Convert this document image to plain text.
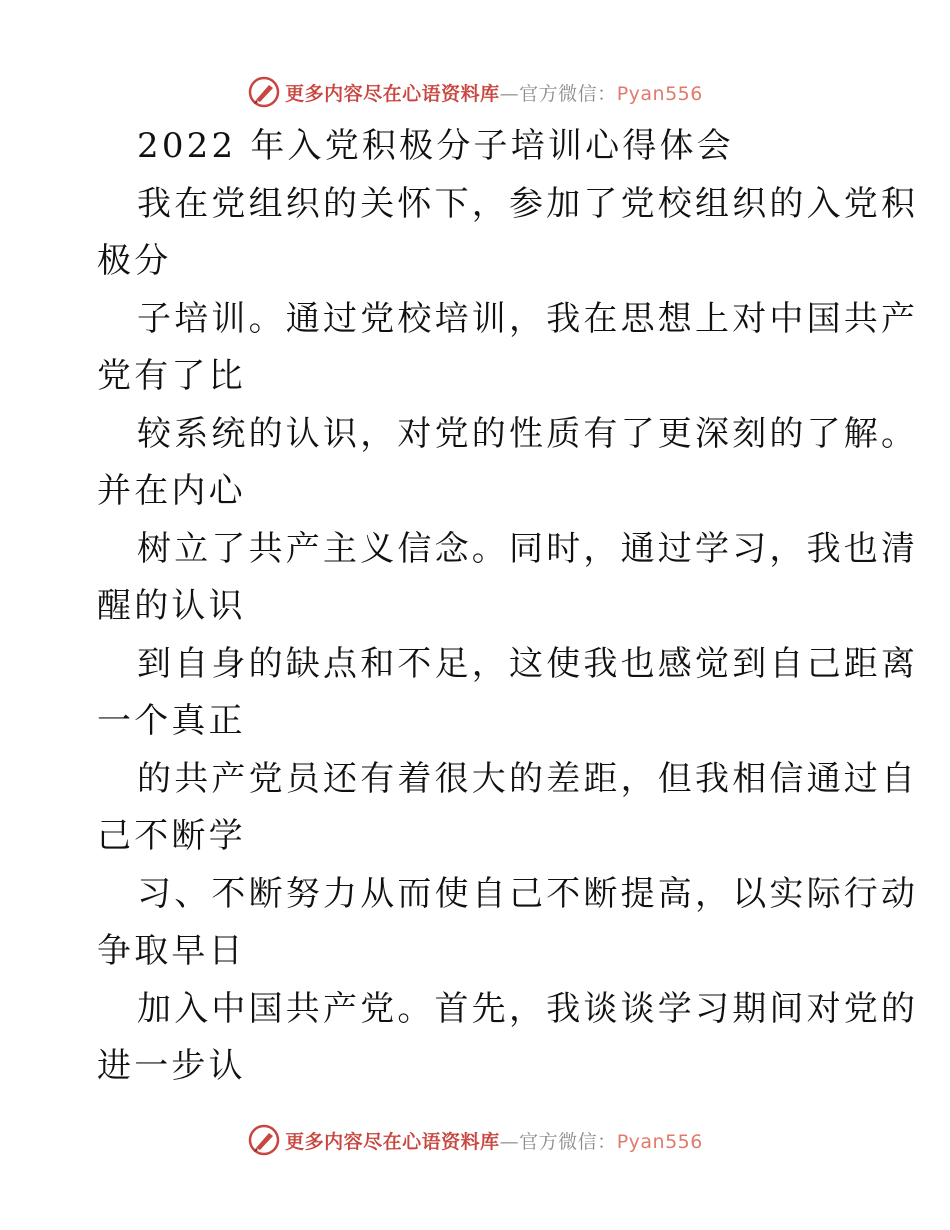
更多内容尽在心语资料库—官方微信：Pyan556
2022 年入党积极分子培训心得体会
我在党组织的关怀下，参加了党校组织的入党积
极分
子培训。通过党校培训，我在思想上对中国共产
党有了比
较系统的认识，对党的性质有了更深刻的了解。
并在内心
树立了共产主义信念。同时，通过学习，我也清
醒的认识
到自身的缺点和不足，这使我也感觉到自己距离
一个真正
的共产党员还有着很大的差距，但我相信通过自
己不断学
习、不断努力从而使自己不断提高，以实际行动
争取早日
加入中国共产党。首先，我谈谈学习期间对党的
进一步认
更多内容尽在心语资料库—官方微信：Pyan556
